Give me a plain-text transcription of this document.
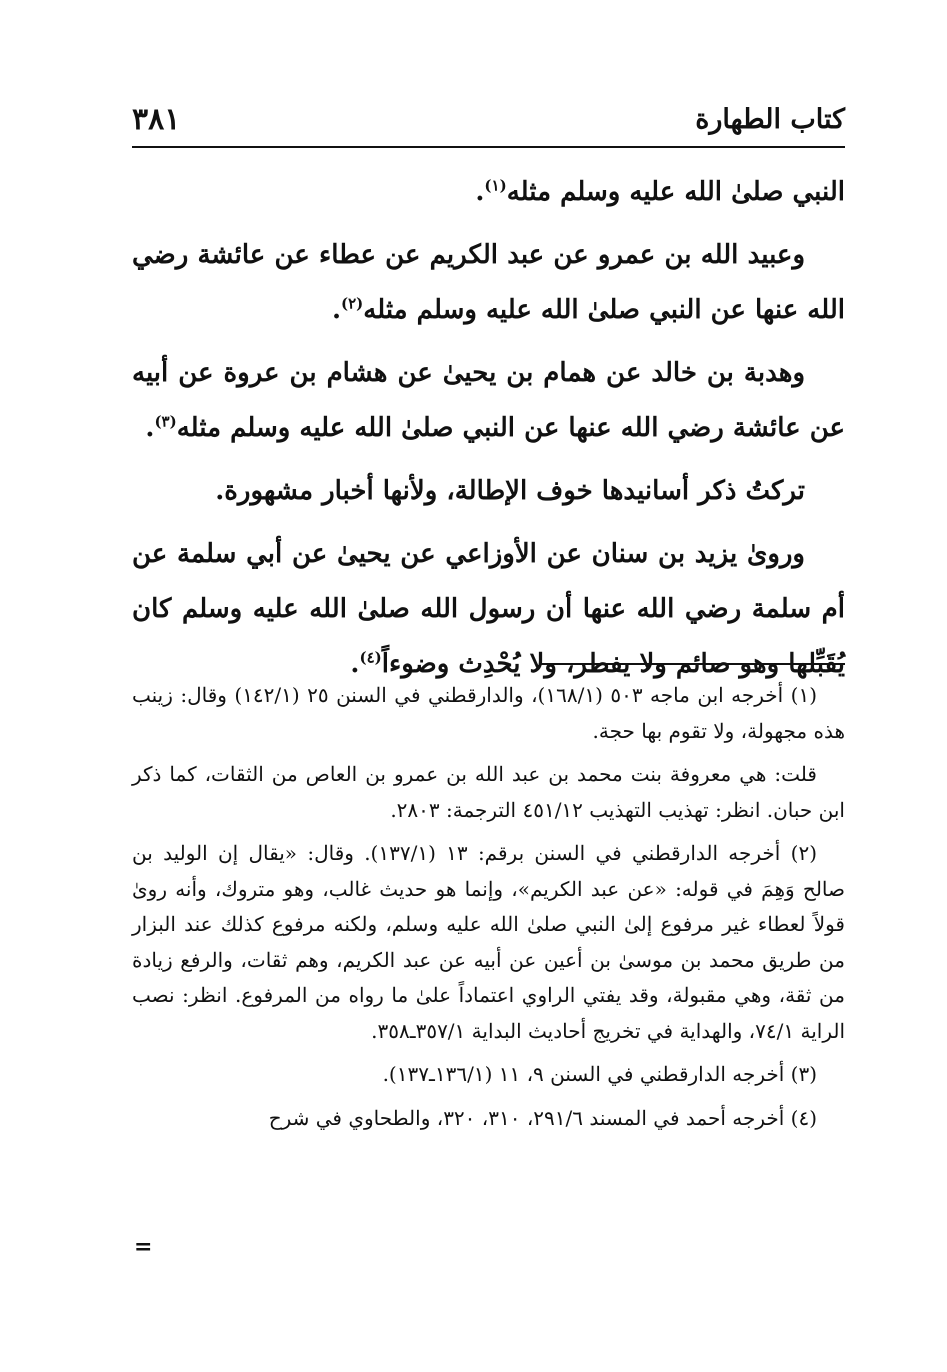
٣٨١	كتاب الطهارة

النبي صلىٰ الله عليه وسلم مثله$^{(١)}$.

وعبيد الله بن عمرو عن عبد الكريم عن عطاء عن عائشة رضي الله عنها عن النبي صلىٰ الله عليه وسلم مثله$^{(٢)}$.

وهدبة بن خالد عن همام بن يحيىٰ عن هشام بن عروة عن أبيه عن عائشة رضي الله عنها عن النبي صلىٰ الله عليه وسلم مثله$^{(٣)}$.

تركتُ ذكر أسانيدها خوف الإطالة، ولأنها أخبار مشهورة.

ورویٰ يزيد بن سنان عن الأوزاعي عن يحيىٰ عن أبي سلمة عن أم سلمة رضي الله عنها أن رسول الله صلىٰ الله عليه وسلم كان يُقَبِّلها وهو صائم ولا يفطر، ولا يُحْدِث وضوءاً$^{(٤)}$.

(١) أخرجه ابن ماجه ٥٠٣ (١٦٨/١)، والدارقطني في السنن ٢٥ (١٤٢/١) وقال: زينب هذه مجهولة، ولا تقوم بها حجة.

قلت: هي معروفة بنت محمد بن عبد الله بن عمرو بن العاص من الثقات، كما ذكر ابن حبان. انظر: تهذيب التهذيب ٤٥١/١٢ الترجمة: ٢٨٠٣.

(٢) أخرجه الدارقطني في السنن برقم: ١٣ (١٣٧/١). وقال: «يقال إن الوليد بن صالح وَهِمَ في قوله: «عن عبد الكريم»، وإنما هو حديث غالب، وهو متروك، وأنه رویٰ قولاً لعطاء غير مرفوع إلىٰ النبي صلىٰ الله عليه وسلم، ولكنه مرفوع كذلك عند البزار من طريق محمد بن موسىٰ بن أعين عن أبيه عن عبد الكريم، وهم ثقات، والرفع زيادة من ثقة، وهي مقبولة، وقد يفتي الراوي اعتماداً علىٰ ما رواه من المرفوع. انظر: نصب الراية ٧٤/١، والهداية في تخريج أحاديث البداية ٣٥٧/١ـ٣٥٨.

(٣) أخرجه الدارقطني في السنن ٩، ١١ (١٣٦/١ـ١٣٧).

(٤) أخرجه أحمد في المسند ٢٩١/٦، ٣١٠، ٣٢٠، والطحاوي في شرح

=
